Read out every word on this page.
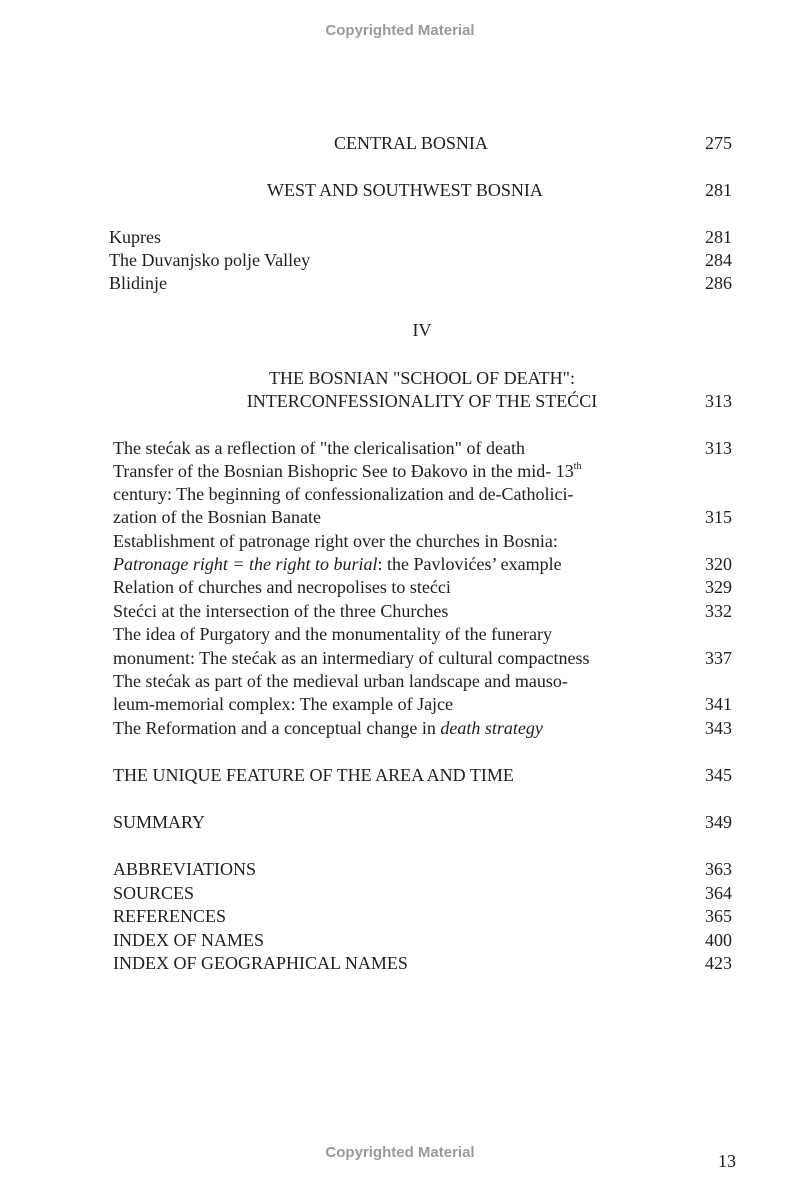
Copyrighted Material
CENTRAL BOSNIA	275
WEST AND SOUTHWEST BOSNIA	281
Kupres	281
The Duvanjsko polje Valley	284
Blidinje	286
IV
THE BOSNIAN "SCHOOL OF DEATH":
INTERCONFESSIONALITY OF THE STEĆCI	313
The stećak as a reflection of "the clericalisation" of death	313
Transfer of the Bosnian Bishopric See to Đakovo in the mid- 13th
century: The beginning of confessionalization and de-Catholici-
zation of the Bosnian Banate	315
Establishment of patronage right over the churches in Bosnia:
Patronage right = the right to burial: the Pavlovićes’ example	320
Relation of churches and necropolises to stećci	329
Stećci at the intersection of the three Churches	332
The idea of Purgatory and the monumentality of the funerary
monument: The stećak as an intermediary of cultural compactness	337
The stećak as part of the medieval urban landscape and mauso-
leum-memorial complex: The example of Jajce	341
The Reformation and a conceptual change in death strategy	343
THE UNIQUE FEATURE OF THE AREA AND TIME	345
SUMMARY	349
ABBREVIATIONS	363
SOURCES	364
REFERENCES	365
INDEX OF NAMES	400
INDEX OF GEOGRAPHICAL NAMES	423
13
Copyrighted Material
